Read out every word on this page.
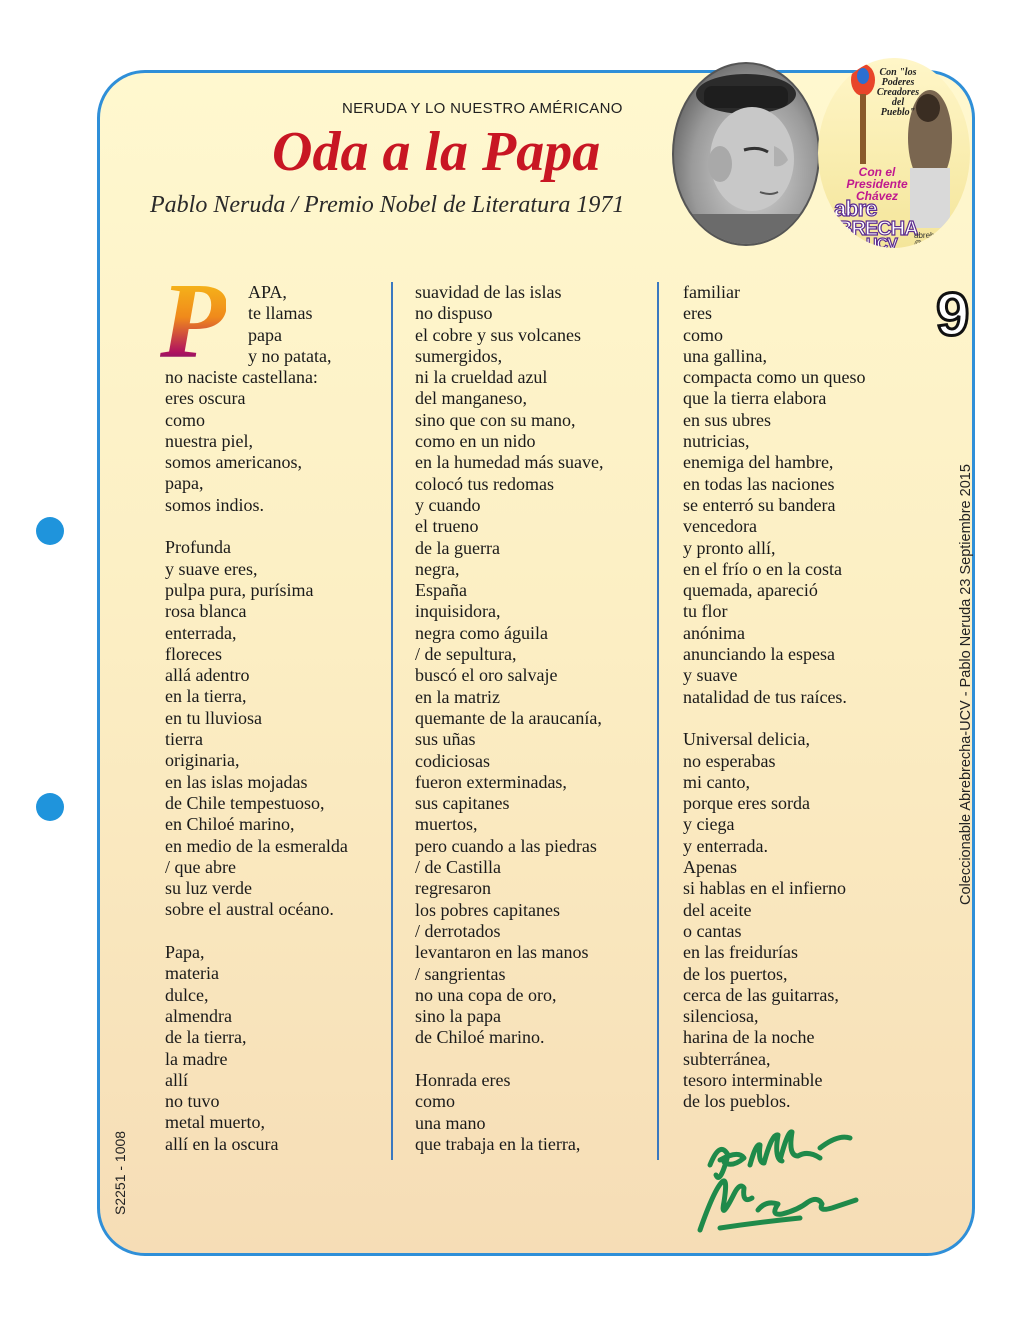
NERUDA Y LO NUESTRO AMÉRICANO
Oda a la Papa
Pablo Neruda / Premio Nobel de Literatura 1971
Con "los Poderes Creadores del Pueblo"
Con el Presidente Chávez
abre
BRECHA
UCV
abrebrechaucv @gmail.com
9
Coleccionable Abrebrecha-UCV - Pablo Neruda 23 Septiembre 2015
S2251 - 1008
P APA,
te llamas
papa
y no patata,
no naciste castellana:
eres oscura
como
nuestra piel,
somos americanos,
papa,
somos indios.
Profunda
y suave eres,
pulpa pura, purísima
rosa blanca
enterrada,
floreces
allá adentro
en la tierra,
en tu lluviosa
tierra
originaria,
en las islas mojadas
de Chile tempestuoso,
en Chiloé marino,
en medio de la esmeralda
/ que abre
su luz verde
sobre el austral océano.
Papa,
materia
dulce,
almendra
de la tierra,
la madre
allí
no tuvo
metal muerto,
allí en la oscura
suavidad de las islas
no dispuso
el cobre y sus volcanes
sumergidos,
ni la crueldad azul
del manganeso,
sino que con su mano,
como en un nido
en la humedad más suave,
colocó tus redomas
y cuando
el trueno
de la guerra
negra,
España
inquisidora,
negra como águila
/ de sepultura,
buscó el oro salvaje
en la matriz
quemante de la araucanía,
sus uñas
codiciosas
fueron exterminadas,
sus capitanes
muertos,
pero cuando a las piedras
/ de Castilla
regresaron
los pobres capitanes
/ derrotados
levantaron en las manos
/ sangrientas
no una copa de oro,
sino la papa
de Chiloé marino.
Honrada eres
como
una mano
que trabaja en la tierra,
familiar
eres
como
una gallina,
compacta como un queso
que la tierra elabora
en sus ubres
nutricias,
enemiga del hambre,
en todas las naciones
se enterró su bandera
vencedora
y pronto allí,
en el frío o en la costa
quemada, apareció
tu flor
anónima
anunciando la espesa
y suave
natalidad de tus raíces.
Universal delicia,
no esperabas
mi canto,
porque eres sorda
y ciega
y enterrada.
Apenas
si hablas en el infierno
del aceite
o cantas
en las freidurías
de los puertos,
cerca de las guitarras,
silenciosa,
harina de la noche
subterránea,
tesoro interminable
de los pueblos.
